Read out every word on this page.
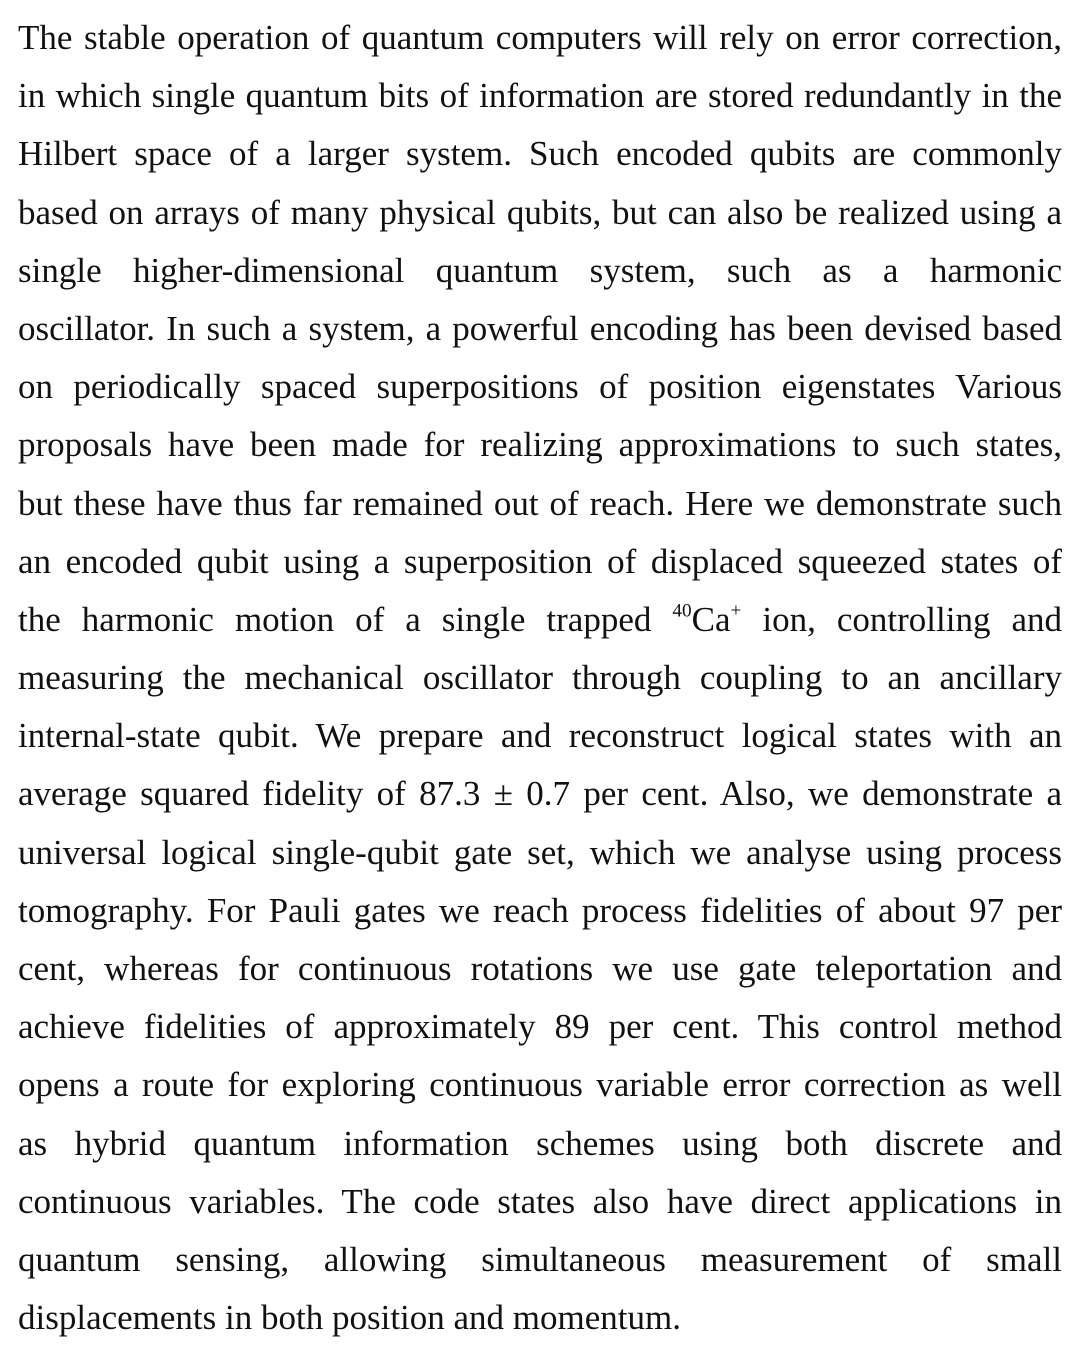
The stable operation of quantum computers will rely on error correction,
in which single quantum bits of information are stored redundantly in the
Hilbert space of a larger system. Such encoded qubits are commonly
based on arrays of many physical qubits, but can also be realized using a
single higher-dimensional quantum system, such as a harmonic
oscillator. In such a system, a powerful encoding has been devised based
on periodically spaced superpositions of position eigenstates Various
proposals have been made for realizing approximations to such states,
but these have thus far remained out of reach. Here we demonstrate such
an encoded qubit using a superposition of displaced squeezed states of
the harmonic motion of a single trapped $^{40}$Ca+ ion, controlling and
measuring the mechanical oscillator through coupling to an ancillary
internal-state qubit. We prepare and reconstruct logical states with an
average squared fidelity of 87.3 ± 0.7 per cent. Also, we demonstrate a
universal logical single-qubit gate set, which we analyse using process
tomography. For Pauli gates we reach process fidelities of about 97 per
cent, whereas for continuous rotations we use gate teleportation and
achieve fidelities of approximately 89 per cent. This control method
opens a route for exploring continuous variable error correction as well
as hybrid quantum information schemes using both discrete and
continuous variables. The code states also have direct applications in
quantum sensing, allowing simultaneous measurement of small
displacements in both position and momentum.
